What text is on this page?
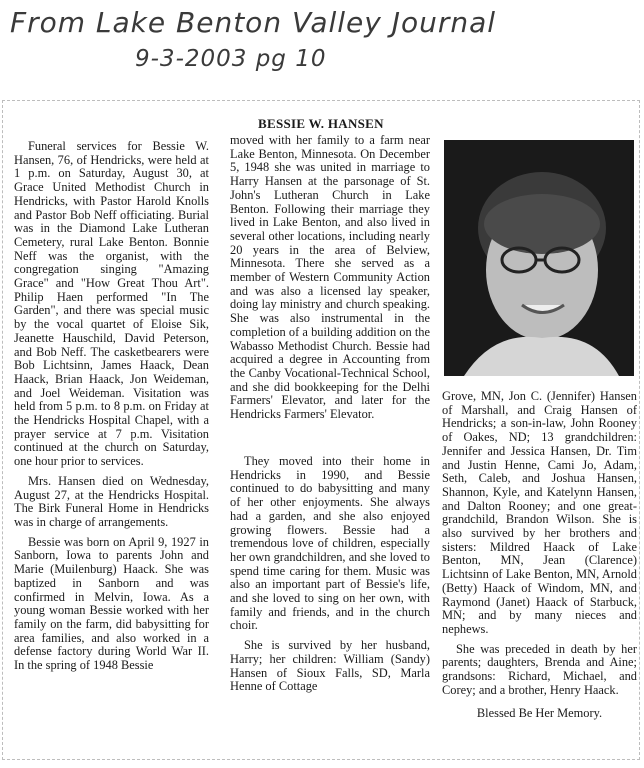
From Lake Benton Valley Journal
9-3-2003 pg 10
BESSIE W. HANSEN

Funeral services for Bessie W. Hansen, 76, of Hendricks, were held at 1 p.m. on Saturday, August 30, at Grace United Methodist Church in Hendricks, with Pastor Harold Knolls and Pastor Bob Neff officiating. Burial was in the Diamond Lake Lutheran Cemetery, rural Lake Benton. Bonnie Neff was the organist, with the congregation singing "Amazing Grace" and "How Great Thou Art". Philip Haen performed "In The Garden", and there was special music by the vocal quartet of Eloise Sik, Jeanette Hauschild, David Peterson, and Bob Neff. The casketbearers were Bob Lichtsinn, James Haack, Dean Haack, Brian Haack, Jon Weideman, and Joel Weideman. Visitation was held from 5 p.m. to 8 p.m. on Friday at the Hendricks Hospital Chapel, with a prayer service at 7 p.m. Visitation continued at the church on Saturday, one hour prior to services.

Mrs. Hansen died on Wednesday, August 27, at the Hendricks Hospital. The Birk Funeral Home in Hendricks was in charge of arrangements.

Bessie was born on April 9, 1927 in Sanborn, Iowa to parents John and Marie (Muilenburg) Haack. She was baptized in Sanborn and was confirmed in Melvin, Iowa. As a young woman Bessie worked with her family on the farm, did babysitting for area families, and also worked in a defense factory during World War II. In the spring of 1948 Bessie

moved with her family to a farm near Lake Benton, Minnesota. On December 5, 1948 she was united in marriage to Harry Hansen at the parsonage of St. John's Lutheran Church in Lake Benton. Following their marriage they lived in Lake Benton, and also lived in several other locations, including nearly 20 years in the area of Belview, Minnesota. There she served as a member of Western Community Action and was also a licensed lay speaker, doing lay ministry and church speaking. She was also instrumental in the completion of a building addition on the Wabasso Methodist Church. Bessie had acquired a degree in Accounting from the Canby Vocational-Technical School, and she did bookkeeping for the Delhi Farmers' Elevator, and later for the Hendricks Farmers' Elevator.

They moved into their home in Hendricks in 1990, and Bessie continued to do babysitting and many of her other enjoyments. She always had a garden, and she also enjoyed growing flowers. Bessie had a tremendous love of children, especially her own grandchildren, and she loved to spend time caring for them. Music was also an important part of Bessie's life, and she loved to sing on her own, with family and friends, and in the church choir.

She is survived by her husband, Harry; her children: William (Sandy) Hansen of Sioux Falls, SD, Marla Henne of Cottage

Grove, MN, Jon C. (Jennifer) Hansen of Marshall, and Craig Hansen of Hendricks; a son-in-law, John Rooney of Oakes, ND; 13 grandchildren: Jennifer and Jessica Hansen, Dr. Tim and Justin Henne, Cami Jo, Adam, Seth, Caleb, and Joshua Hansen, Shannon, Kyle, and Katelynn Hansen, and Dalton Rooney; and one great-grandchild, Brandon Wilson. She is also survived by her brothers and sisters: Mildred Haack of Lake Benton, MN, Jean (Clarence) Lichtsinn of Lake Benton, MN, Arnold (Betty) Haack of Windom, MN, and Raymond (Janet) Haack of Starbuck, MN; and by many nieces and nephews.

She was preceded in death by her parents; daughters, Brenda and Aine; grandsons: Richard, Michael, and Corey; and a brother, Henry Haack.

Blessed Be Her Memory.
